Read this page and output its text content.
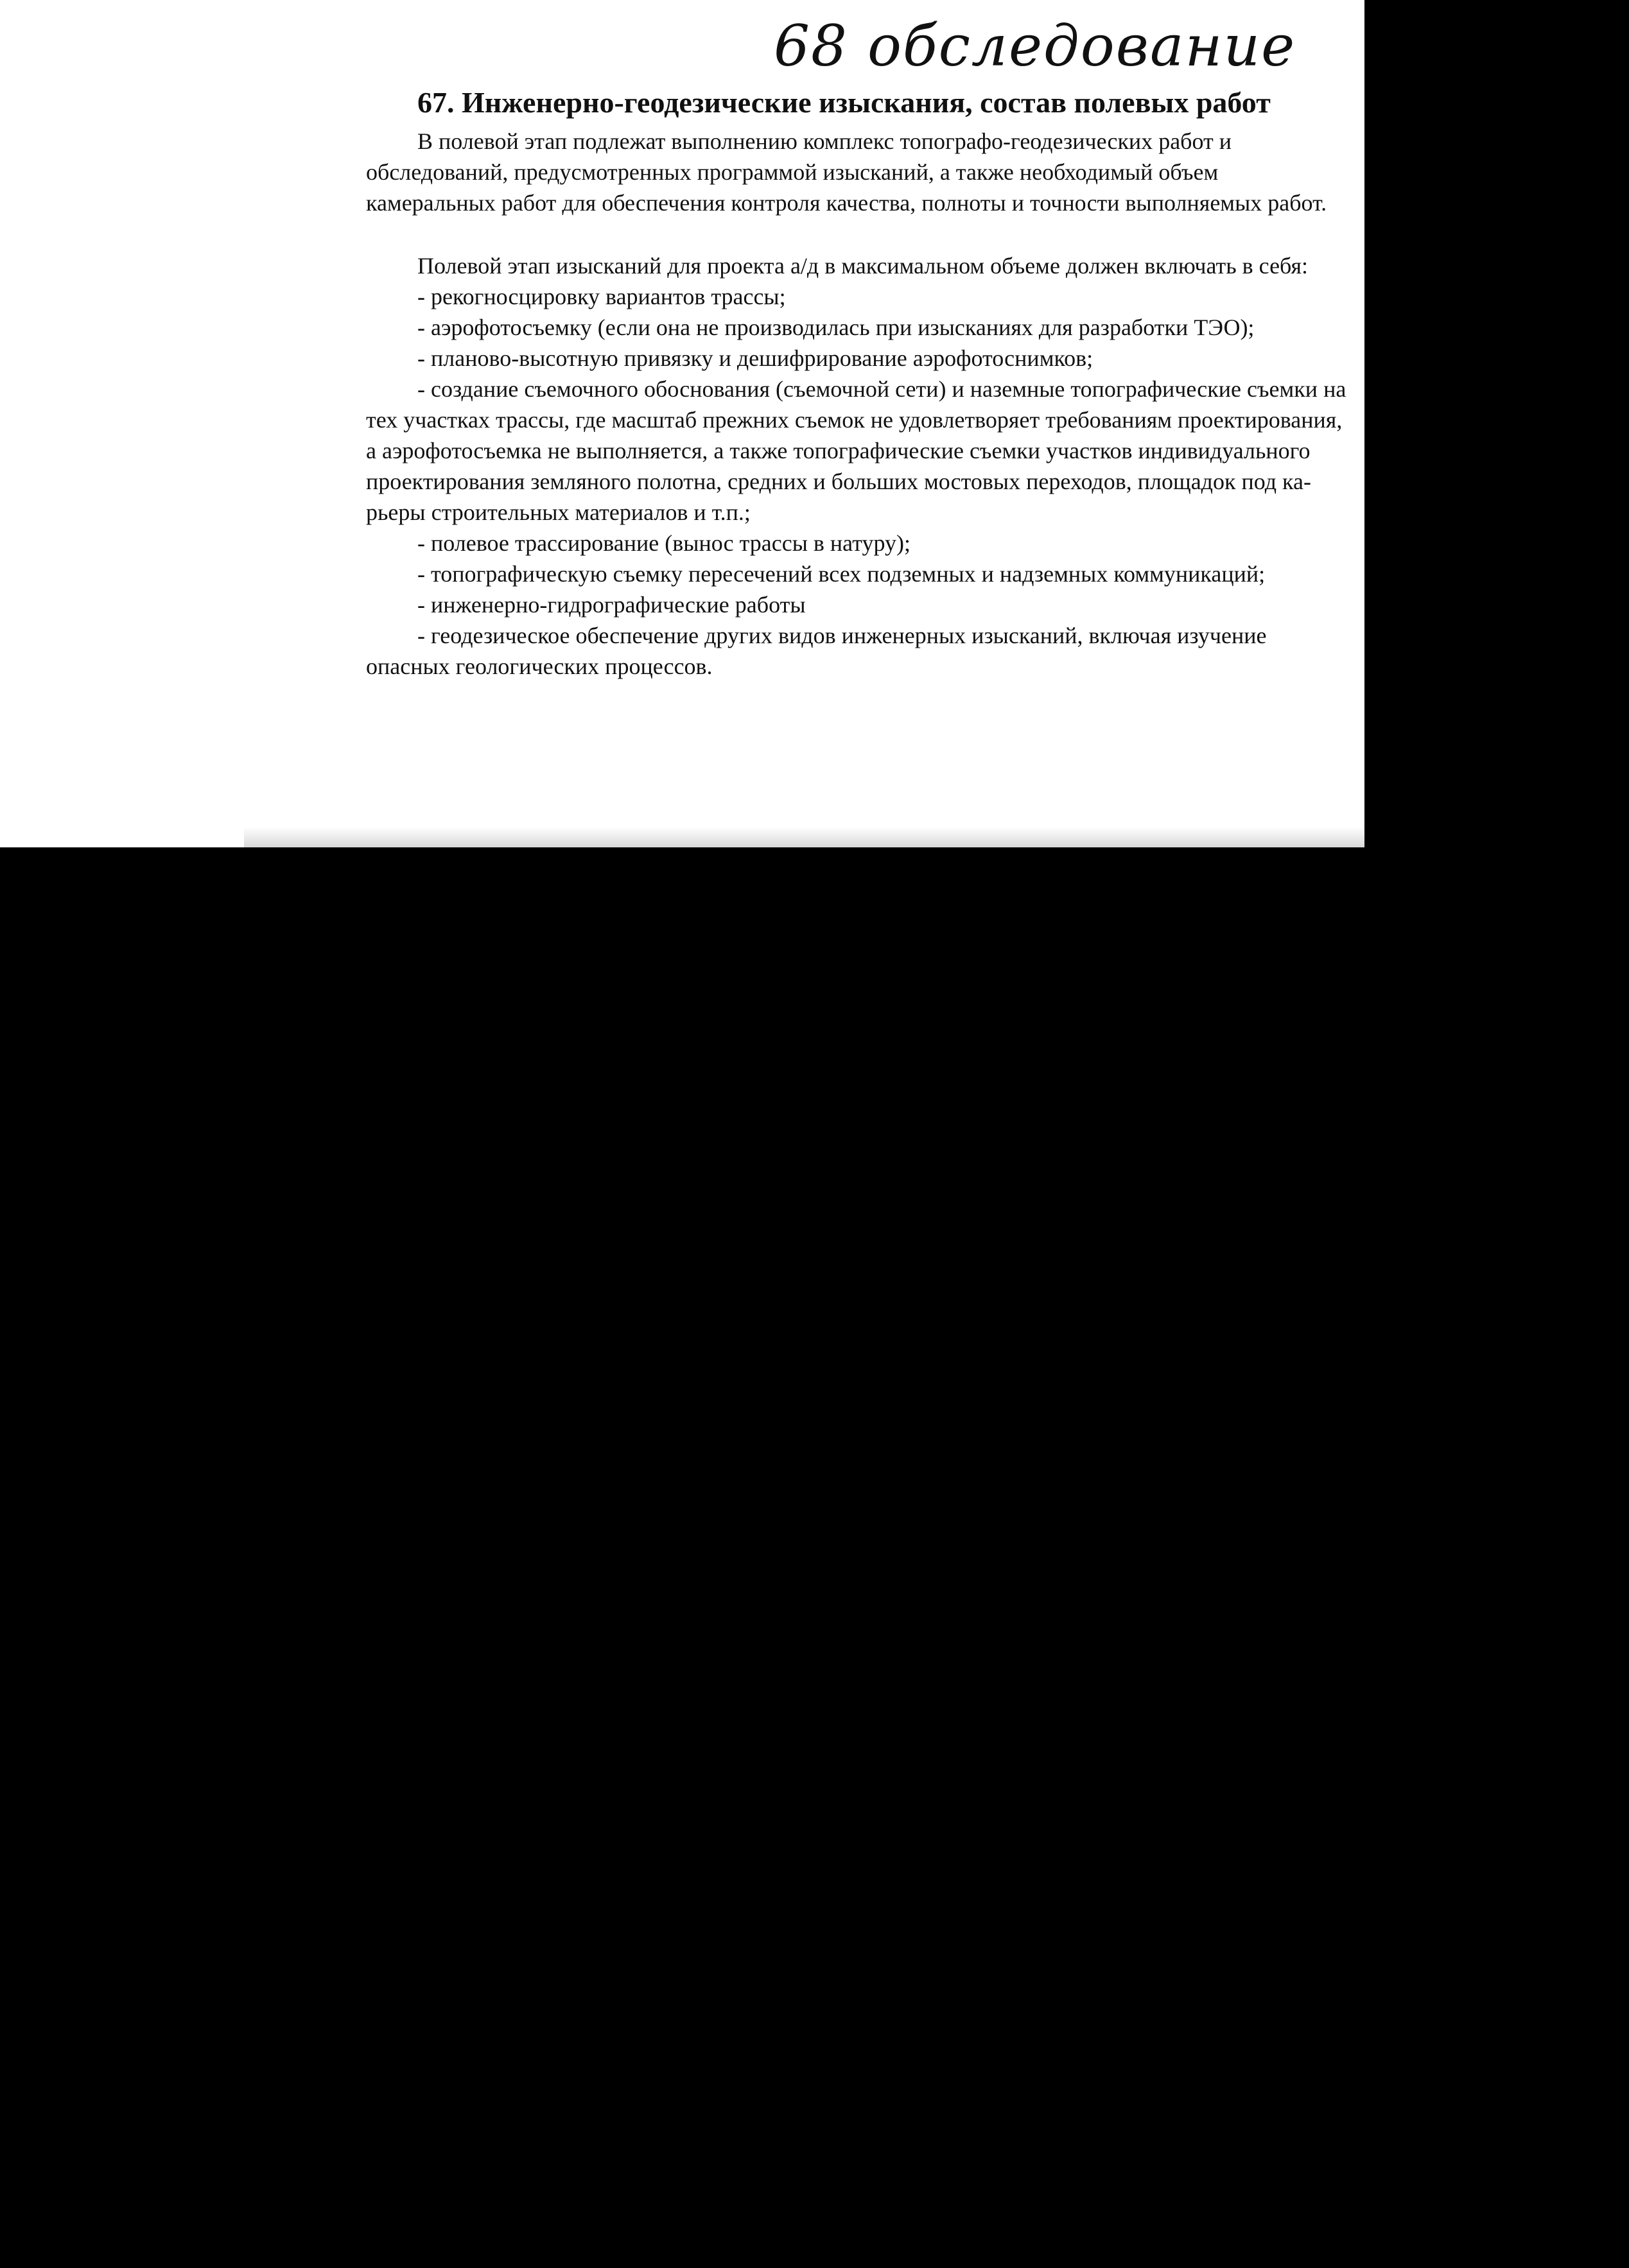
68 обследование
67. Инженерно-геодезические изыскания, состав полевых работ

В полевой этап подлежат выполнению комплекс топографо-геодезических работ и обследований, предусмотренных программой изысканий, а также необходимый объем камеральных работ для обеспечения контроля качества, полноты и точности выполняемых работ.

Полевой этап изысканий для проекта а/д в максимальном объеме должен включать в себя:

- рекогносцировку вариантов трассы;
- аэрофотосъемку (если она не производилась при изысканиях для разработки ТЭО);
- планово-высотную привязку и дешифрирование аэрофотоснимков;
- создание съемочного обоснования (съемочной сети) и наземные топографические съемки на тех участках трассы, где масштаб прежних съемок не удовлетворяет требованиям проектирования, а аэрофотосъемка не выполняется, а также топографические съемки участков индивидуального проектирования земляного полотна, средних и больших мостовых переходов, площадок под ка-рьеры строительных материалов и т.п.;
- полевое трассирование (вынос трассы в натуру);
- топографическую съемку пересечений всех подземных и надземных коммуникаций;
- инженерно-гидрографические работы
- геодезическое обеспечение других видов инженерных изысканий, включая изучение опасных геологических процессов.
